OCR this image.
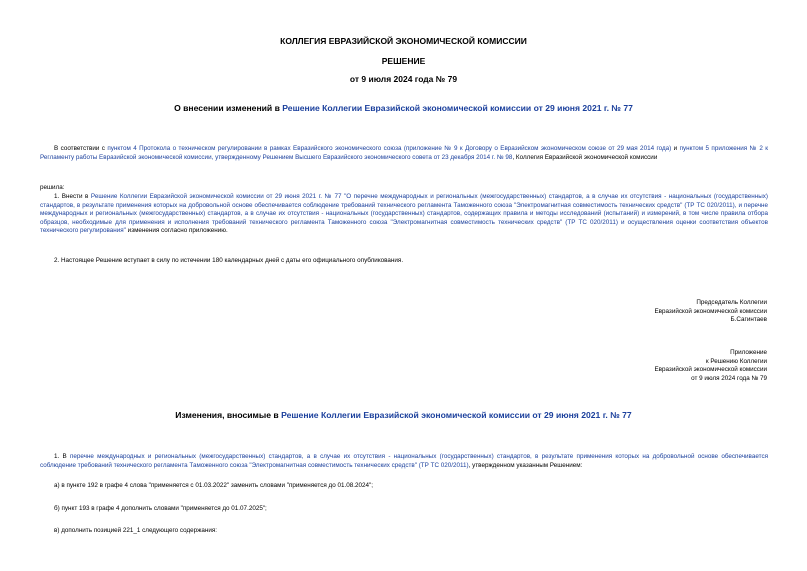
КОЛЛЕГИЯ ЕВРАЗИЙСКОЙ ЭКОНОМИЧЕСКОЙ КОМИССИИ
РЕШЕНИЕ
от 9 июля 2024 года № 79
О внесении изменений в Решение Коллегии Евразийской экономической комиссии от 29 июня 2021 г. № 77
В соответствии с пунктом 4 Протокола о техническом регулировании в рамках Евразийского экономического союза (приложение № 9 к Договору о Евразийском экономическом союзе от 29 мая 2014 года) и пунктом 5 приложения № 2 к Регламенту работы Евразийской экономической комиссии, утвержденному Решением Высшего Евразийского экономического совета от 23 декабря 2014 г. № 98, Коллегия Евразийской экономической комиссии
решила:
1. Внести в Решение Коллегии Евразийской экономической комиссии от 29 июня 2021 г. № 77 "О перечне международных и региональных (межгосударственных) стандартов, а в случае их отсутствия - национальных (государственных) стандартов, в результате применения которых на добровольной основе обеспечивается соблюдение требований технического регламента Таможенного союза "Электромагнитная совместимость технических средств" (ТР ТС 020/2011), и перечне международных и региональных (межгосударственных) стандартов, а в случае их отсутствия - национальных (государственных) стандартов, содержащих правила и методы исследований (испытаний) и измерений, в том числе правила отбора образцов, необходимые для применения и исполнения требований технического регламента Таможенного союза "Электромагнитная совместимость технических средств" (ТР ТС 020/2011) и осуществления оценки соответствия объектов технического регулирования" изменения согласно приложению.
2. Настоящее Решение вступает в силу по истечении 180 календарных дней с даты его официального опубликования.
Председатель Коллегии
Евразийской экономической комиссии
Б.Сагинтаев
Приложение
к Решению Коллегии
Евразийской экономической комиссии
от 9 июля 2024 года № 79
Изменения, вносимые в Решение Коллегии Евразийской экономической комиссии от 29 июня 2021 г. № 77
1. В перечне международных и региональных (межгосударственных) стандартов, а в случае их отсутствия - национальных (государственных) стандартов, в результате применения которых на добровольной основе обеспечивается соблюдение требований технического регламента Таможенного союза "Электромагнитная совместимость технических средств" (ТР ТС 020/2011), утвержденном указанным Решением:
а) в пункте 192 в графе 4 слова "применяется с 01.03.2022" заменить словами "применяется до 01.08.2024";
б) пункт 193 в графе 4 дополнить словами "применяется до 01.07.2025";
в) дополнить позицией 221_1 следующего содержания:
